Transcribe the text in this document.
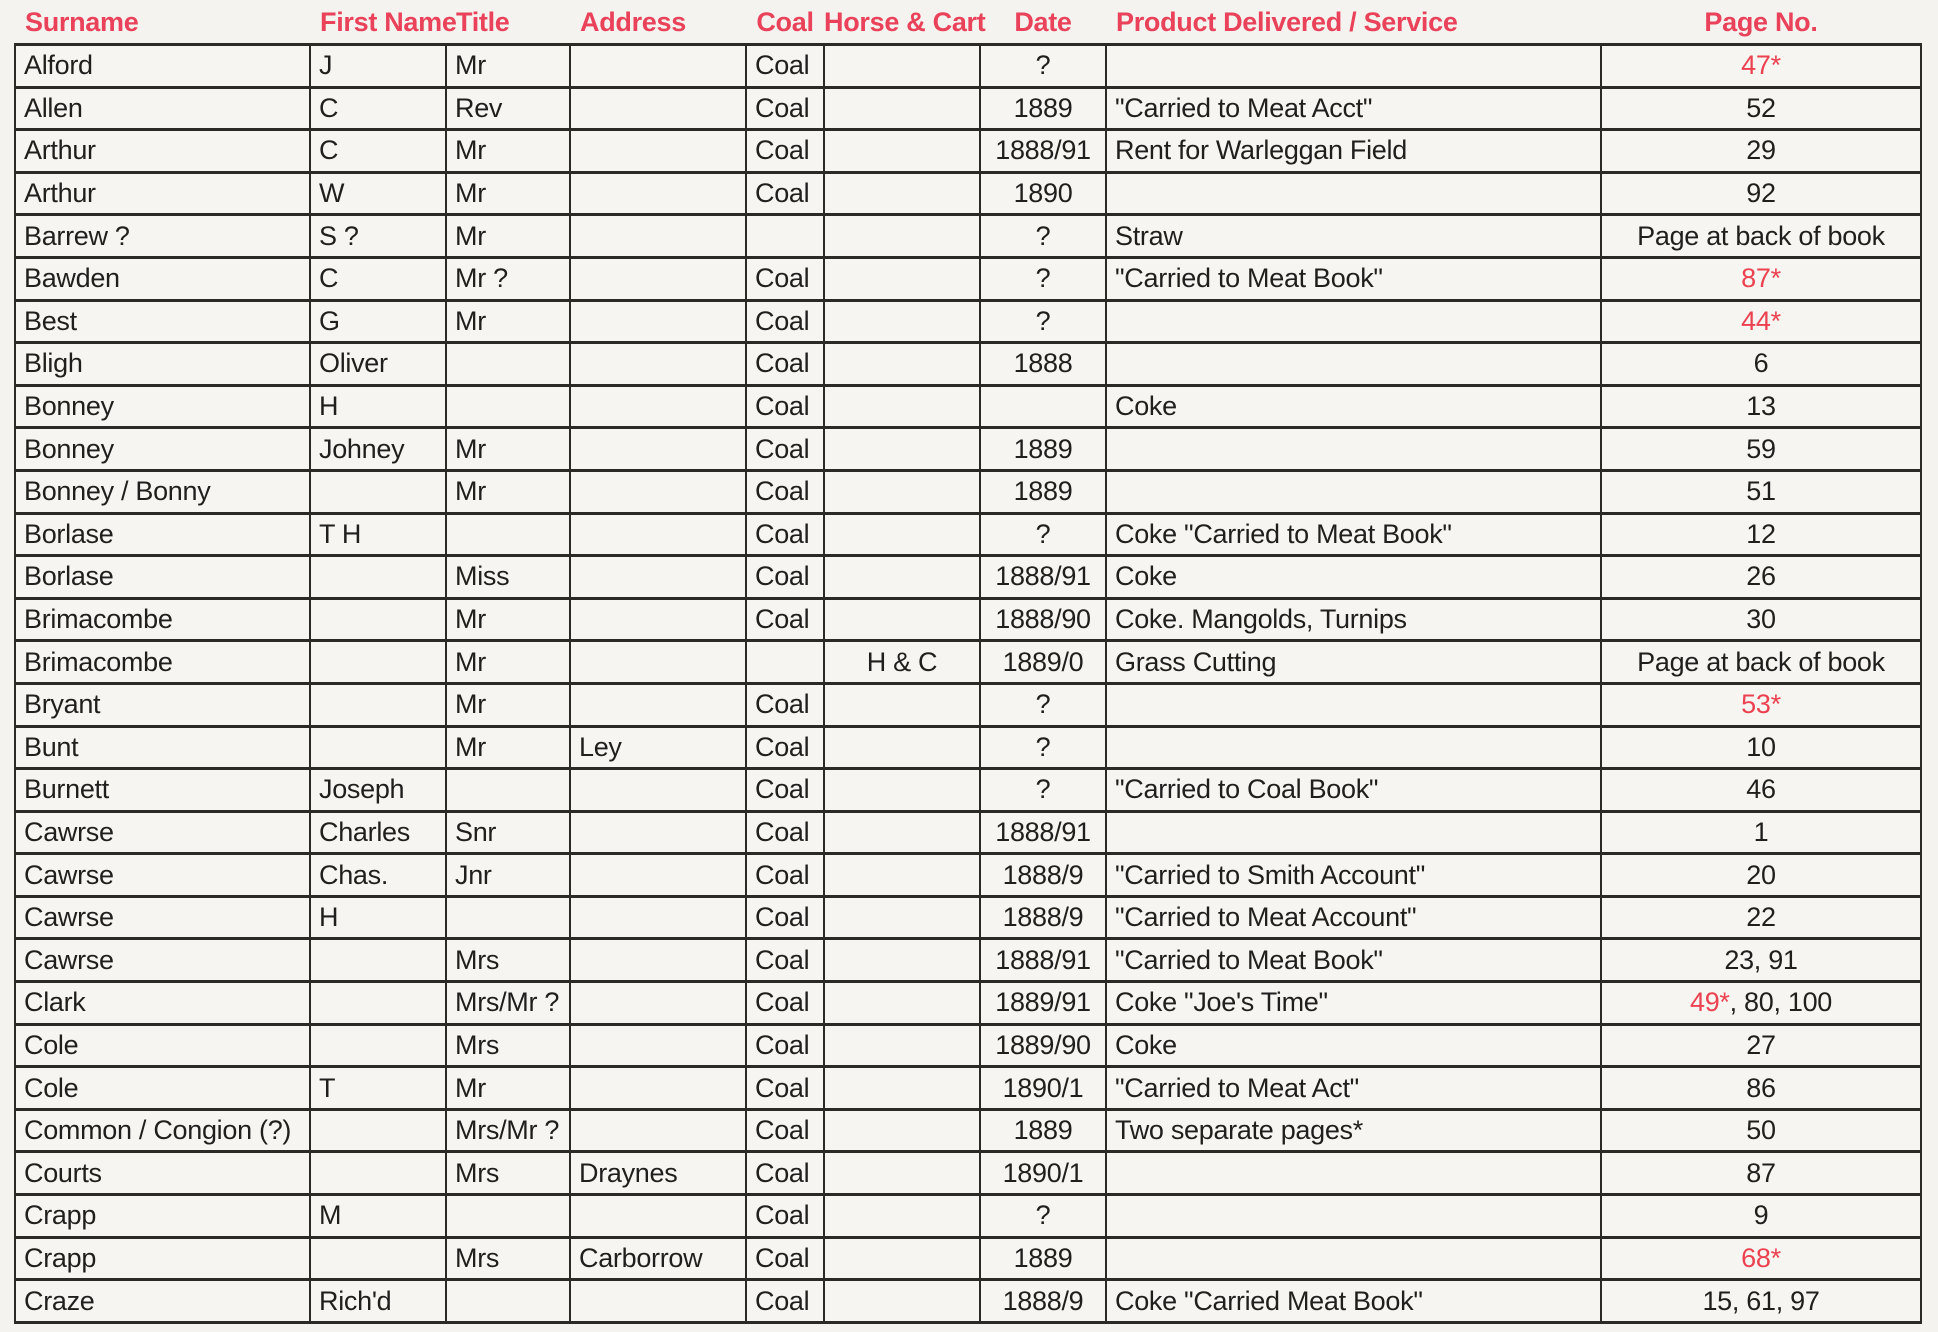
Surname	First Name	Title	Address	Coal	Horse & Cart	Date	Product Delivered / Service	Page No.
Alford	J	Mr		Coal		?		47*
Allen	C	Rev		Coal		1889	"Carried to Meat Acct"	52
Arthur	C	Mr		Coal		1888/91	Rent for Warleggan Field	29
Arthur	W	Mr		Coal		1890		92
Barrew ?	S ?	Mr				?	Straw	Page at back of book
Bawden	C	Mr ?		Coal		?	"Carried to Meat Book"	87*
Best	G	Mr		Coal		?		44*
Bligh	Oliver			Coal		1888		6
Bonney	H			Coal			Coke	13
Bonney	Johney	Mr		Coal		1889		59
Bonney / Bonny		Mr		Coal		1889		51
Borlase	T H			Coal		?	Coke "Carried to Meat Book"	12
Borlase		Miss		Coal		1888/91	Coke	26
Brimacombe		Mr		Coal		1888/90	Coke. Mangolds, Turnips	30
Brimacombe		Mr			H & C	1889/0	Grass Cutting	Page at back of book
Bryant		Mr		Coal		?		53*
Bunt		Mr	Ley	Coal		?		10
Burnett	Joseph			Coal		?	"Carried to Coal Book"	46
Cawrse	Charles	Snr		Coal		1888/91		1
Cawrse	Chas.	Jnr		Coal		1888/9	"Carried to Smith Account"	20
Cawrse	H			Coal		1888/9	"Carried to Meat Account"	22
Cawrse		Mrs		Coal		1888/91	"Carried to Meat Book"	23, 91
Clark		Mrs/Mr ?		Coal		1889/91	Coke "Joe's Time"	49*, 80, 100
Cole		Mrs		Coal		1889/90	Coke	27
Cole	T	Mr		Coal		1890/1	"Carried to Meat Act"	86
Common / Congion (?)		Mrs/Mr ?		Coal		1889	Two separate pages*	50
Courts		Mrs	Draynes	Coal		1890/1		87
Crapp	M			Coal		?		9
Crapp		Mrs	Carborrow	Coal		1889		68*
Craze	Rich'd			Coal		1888/9	Coke "Carried Meat Book"	15, 61, 97
